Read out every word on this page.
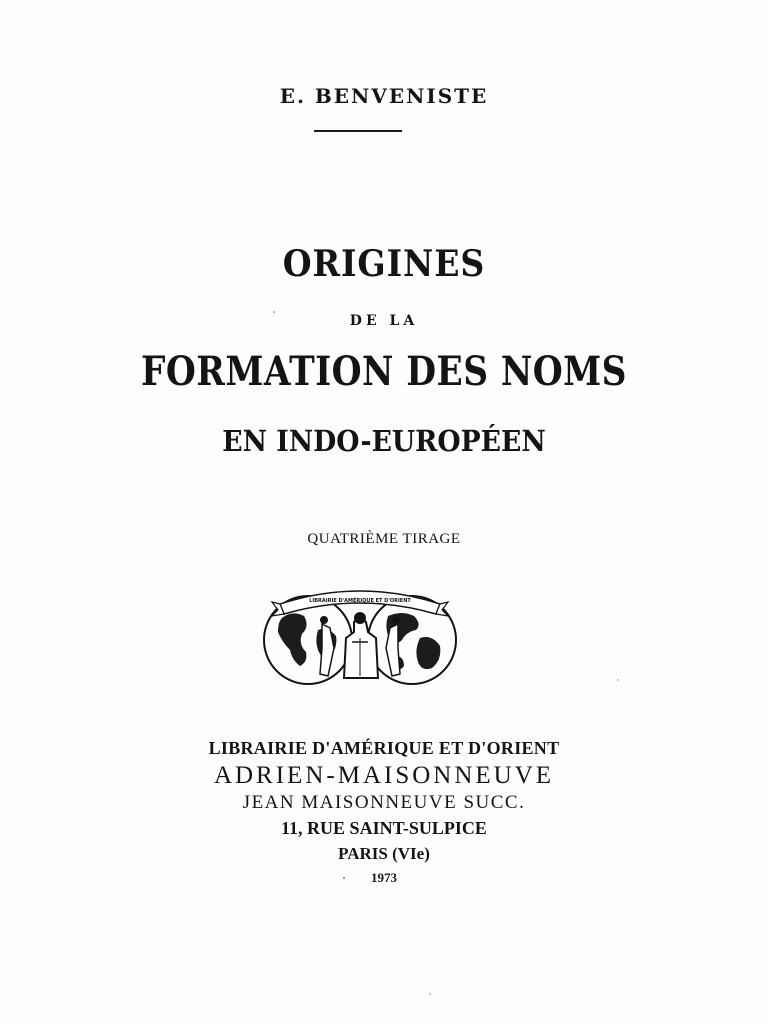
E. BENVENISTE
ORIGINES
DE LA
FORMATION DES NOMS
EN INDO-EUROPÉEN
QUATRIÈME TIRAGE
LIBRAIRIE D'AMÉRIQUE ET D'ORIENT
LIBRAIRIE D'AMÉRIQUE ET D'ORIENT
ADRIEN-MAISONNEUVE
JEAN MAISONNEUVE SUCC.
11, RUE SAINT-SULPICE
PARIS (VIe)
1973
